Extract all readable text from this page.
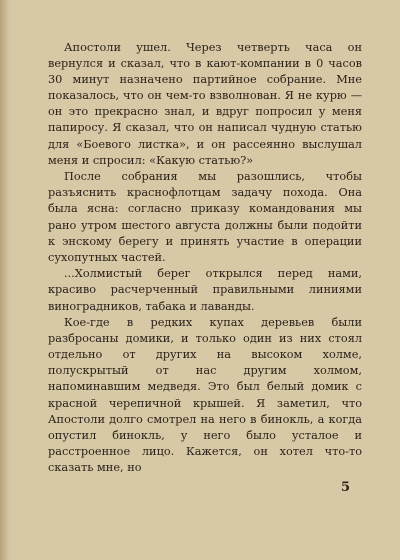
Апостоли ушел. Через четверть часа он вернулся и сказал, что в кают-компании в 0 часов 30 минут назначено партийное собрание. Мне показалось, что он чем-то взволнован. Я не курю — он это прекрасно знал, и вдруг попросил у меня папиросу. Я сказал, что он написал чудную статью для «Боевого листка», и он рассеянно выслушал меня и спросил: «Какую статью?»

После собрания мы разошлись, чтобы разъяснить краснофлотцам задачу похода. Она была ясна: согласно приказу командования мы рано утром шестого августа должны были подойти к энскому берегу и принять участие в операции сухопутных частей.

...Холмистый берег открылся перед нами, красиво расчерченный правильными линиями виноградников, табака и лаванды.

Кое-где в редких купах деревьев были разбросаны домики, и только один из них стоял отдельно от других на высоком холме, полускрытый от нас другим холмом, напоминавшим медведя. Это был белый домик с красной черепичной крышей. Я заметил, что Апостоли долго смотрел на него в бинокль, а когда опустил бинокль, у него было усталое и расстроенное лицо. Кажется, он хотел что-то сказать мне, но

5
